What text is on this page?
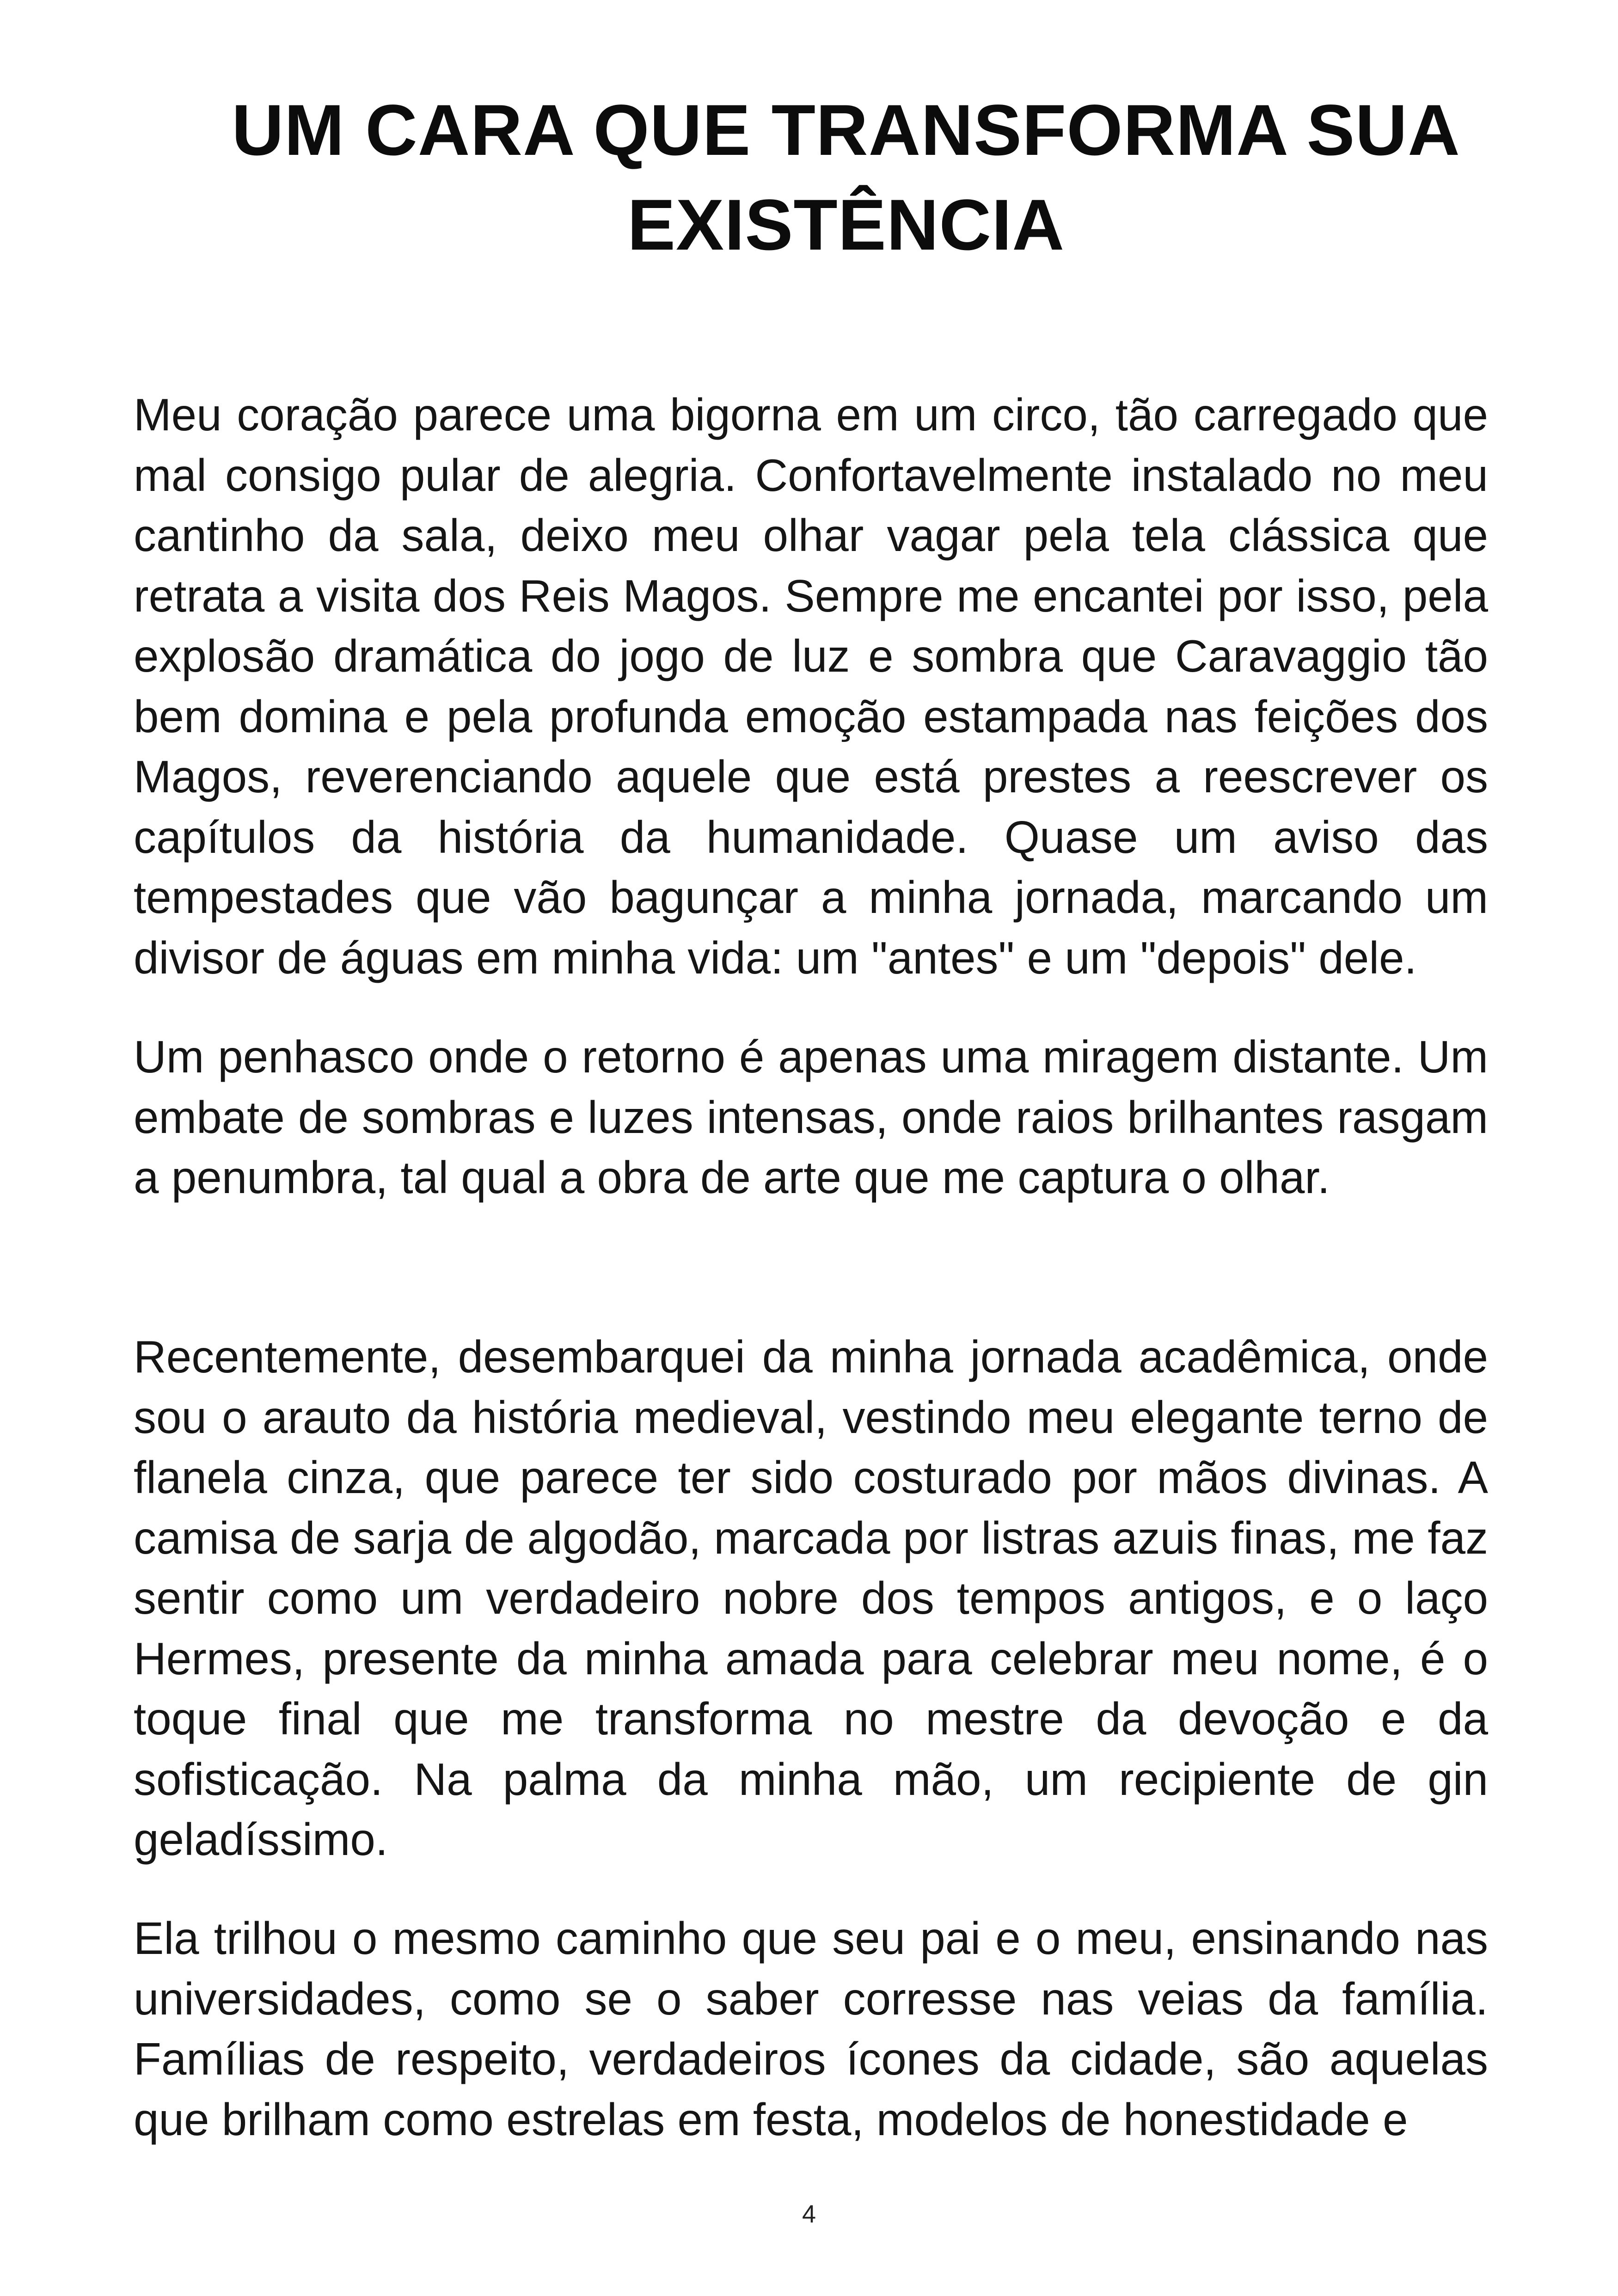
UM CARA QUE TRANSFORMA SUA EXISTÊNCIA

Meu coração parece uma bigorna em um circo, tão carregado que mal consigo pular de alegria. Confortavelmente instalado no meu cantinho da sala, deixo meu olhar vagar pela tela clássica que retrata a visita dos Reis Magos. Sempre me encantei por isso, pela explosão dramática do jogo de luz e sombra que Caravaggio tão bem domina e pela profunda emoção estampada nas feições dos Magos, reverenciando aquele que está prestes a reescrever os capítulos da história da humanidade. Quase um aviso das tempestades que vão bagunçar a minha jornada, marcando um divisor de águas em minha vida: um "antes" e um "depois" dele.

Um penhasco onde o retorno é apenas uma miragem distante. Um embate de sombras e luzes intensas, onde raios brilhantes rasgam a penumbra, tal qual a obra de arte que me captura o olhar.

Recentemente, desembarquei da minha jornada acadêmica, onde sou o arauto da história medieval, vestindo meu elegante terno de flanela cinza, que parece ter sido costurado por mãos divinas. A camisa de sarja de algodão, marcada por listras azuis finas, me faz sentir como um verdadeiro nobre dos tempos antigos, e o laço Hermes, presente da minha amada para celebrar meu nome, é o toque final que me transforma no mestre da devoção e da sofisticação. Na palma da minha mão, um recipiente de gin geladíssimo.

Ela trilhou o mesmo caminho que seu pai e o meu, ensinando nas universidades, como se o saber corresse nas veias da família. Famílias de respeito, verdadeiros ícones da cidade, são aquelas que brilham como estrelas em festa, modelos de honestidade e

4
